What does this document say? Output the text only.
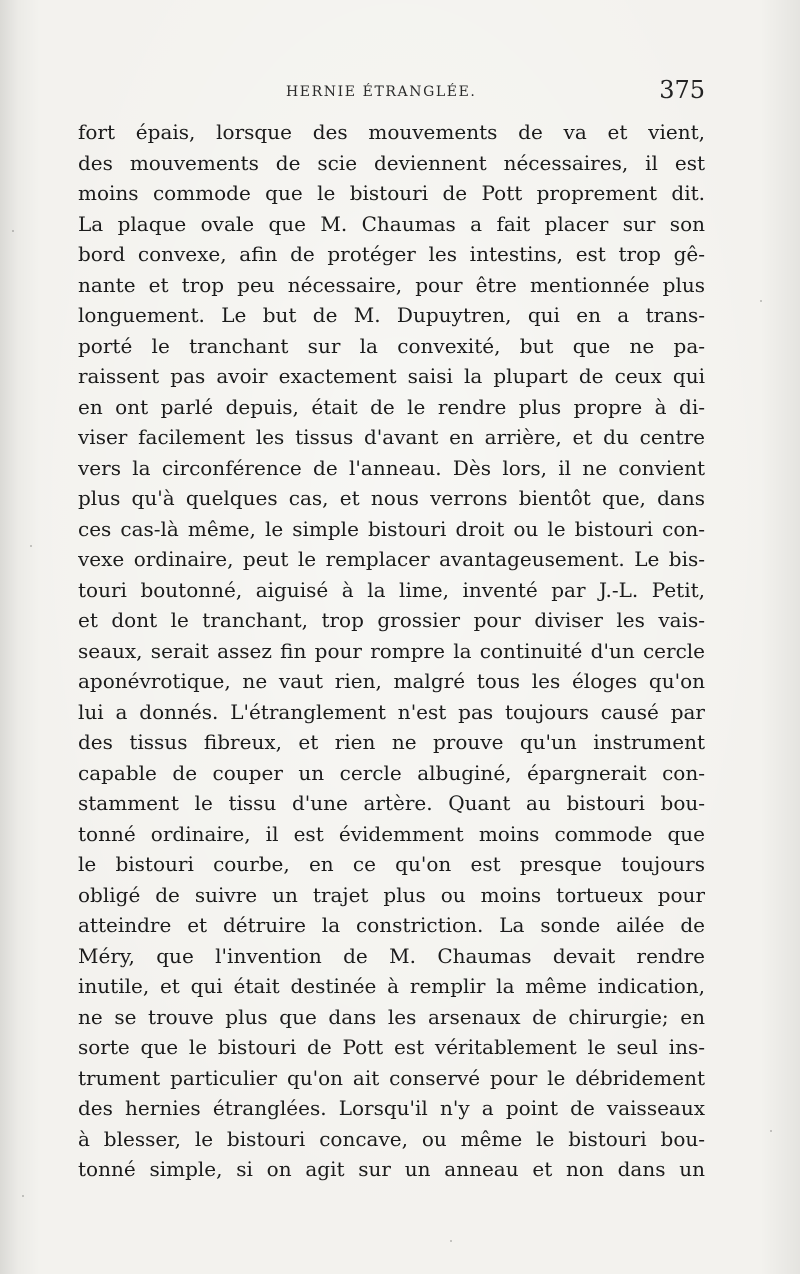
HERNIE ÉTRANGLÉE.	375
fort épais, lorsque des mouvements de va et vient,
des mouvements de scie deviennent nécessaires, il est
moins commode que le bistouri de Pott proprement dit.
La plaque ovale que M. Chaumas a fait placer sur son
bord convexe, afin de protéger les intestins, est trop gê-
nante et trop peu nécessaire, pour être mentionnée plus
longuement. Le but de M. Dupuytren, qui en a trans-
porté le tranchant sur la convexité, but que ne pa-
raissent pas avoir exactement saisi la plupart de ceux qui
en ont parlé depuis, était de le rendre plus propre à di-
viser facilement les tissus d'avant en arrière, et du centre
vers la circonférence de l'anneau. Dès lors, il ne convient
plus qu'à quelques cas, et nous verrons bientôt que, dans
ces cas-là même, le simple bistouri droit ou le bistouri con-
vexe ordinaire, peut le remplacer avantageusement. Le bis-
touri boutonné, aiguisé à la lime, inventé par J.-L. Petit,
et dont le tranchant, trop grossier pour diviser les vais-
seaux, serait assez fin pour rompre la continuité d'un cercle
aponévrotique, ne vaut rien, malgré tous les éloges qu'on
lui a donnés. L'étranglement n'est pas toujours causé par
des tissus fibreux, et rien ne prouve qu'un instrument
capable de couper un cercle albuginé, épargnerait con-
stamment le tissu d'une artère. Quant au bistouri bou-
tonné ordinaire, il est évidemment moins commode que
le bistouri courbe, en ce qu'on est presque toujours
obligé de suivre un trajet plus ou moins tortueux pour
atteindre et détruire la constriction. La sonde ailée de
Méry, que l'invention de M. Chaumas devait rendre
inutile, et qui était destinée à remplir la même indication,
ne se trouve plus que dans les arsenaux de chirurgie; en
sorte que le bistouri de Pott est véritablement le seul ins-
trument particulier qu'on ait conservé pour le débridement
des hernies étranglées. Lorsqu'il n'y a point de vaisseaux
à blesser, le bistouri concave, ou même le bistouri bou-
tonné simple, si on agit sur un anneau et non dans un
